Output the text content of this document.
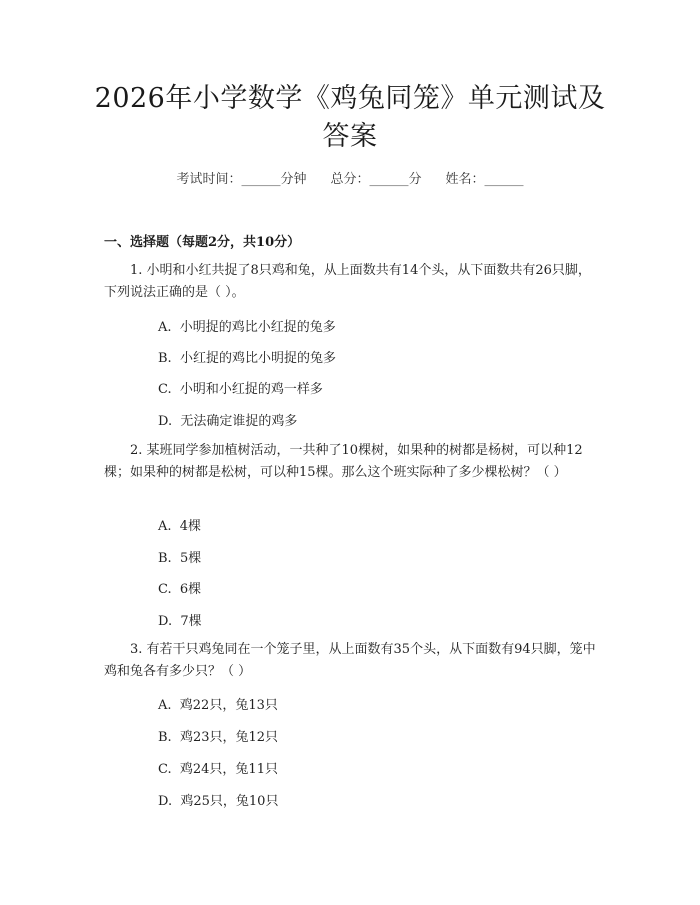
2026年小学数学《鸡兔同笼》单元测试及答案
考试时间：______分钟 总分：______分 姓名：______
一、选择题（每题2分，共10分）
1. 小明和小红共捉了8只鸡和兔，从上面数共有14个头，从下面数共有26只脚，下列说法正确的是（ ）。
A.  小明捉的鸡比小红捉的兔多
B.  小红捉的鸡比小明捉的兔多
C.  小明和小红捉的鸡一样多
D.  无法确定谁捉的鸡多
2. 某班同学参加植树活动，一共种了10棵树，如果种的树都是杨树，可以种12棵；如果种的树都是松树，可以种15棵。那么这个班实际种了多少棵松树？（ ）
A.  4棵
B.  5棵
C.  6棵
D.  7棵
3. 有若干只鸡兔同在一个笼子里，从上面数有35个头，从下面数有94只脚，笼中鸡和兔各有多少只？（ ）
A.  鸡22只，兔13只
B.  鸡23只，兔12只
C.  鸡24只，兔11只
D.  鸡25只，兔10只
